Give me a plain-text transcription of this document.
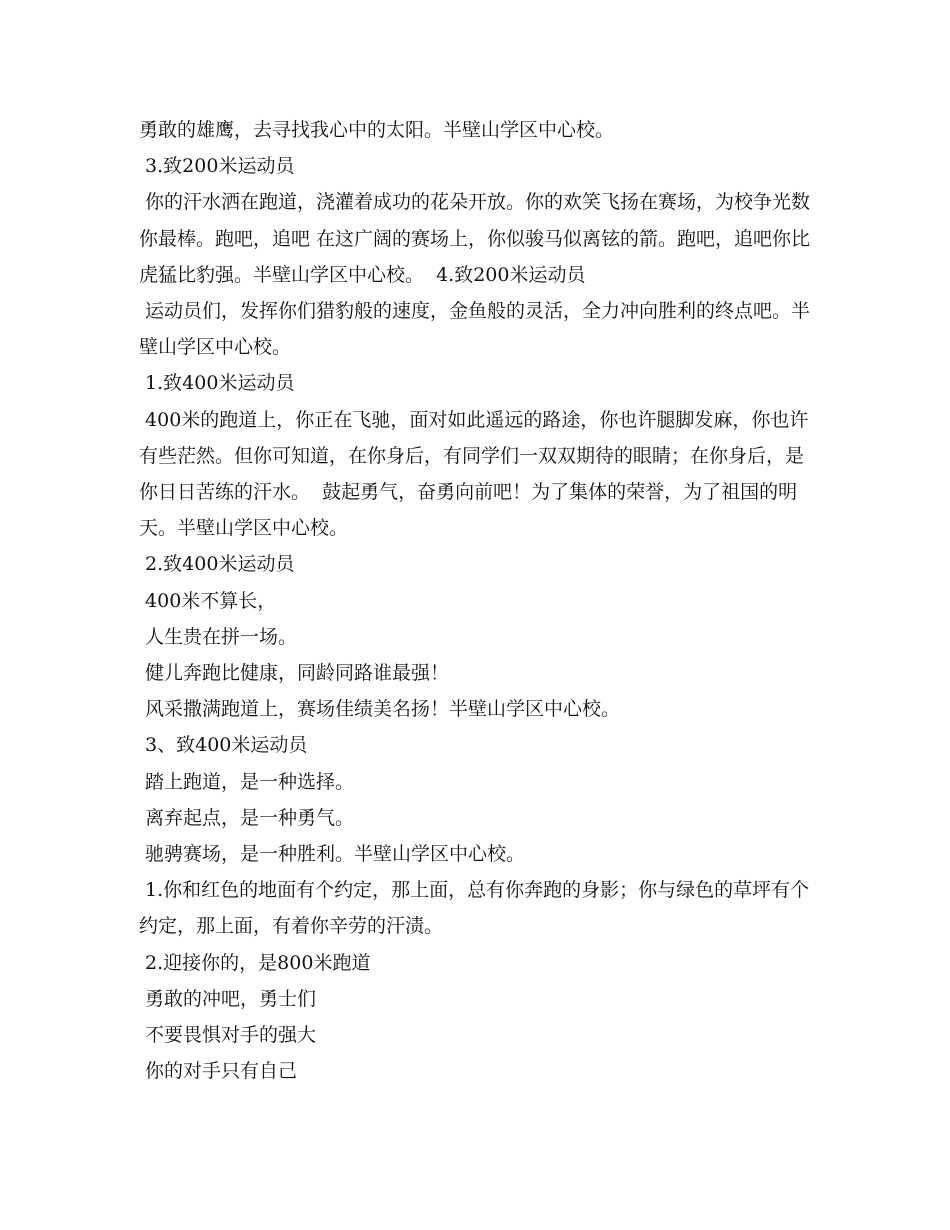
勇敢的雄鹰，去寻找我心中的太阳。半壁山学区中心校。

3.致200米运动员

你的汗水洒在跑道，浇灌着成功的花朵开放。你的欢笑飞扬在赛场，为校争光数你最棒。跑吧，追吧 在这广阔的赛场上，你似骏马似离铉的箭。跑吧，追吧你比虎猛比豹强。半壁山学区中心校。  4.致200米运动员

运动员们，发挥你们猎豹般的速度，金鱼般的灵活，全力冲向胜利的终点吧。半壁山学区中心校。

1.致400米运动员

400米的跑道上，你正在飞驰，面对如此遥远的路途，你也许腿脚发麻，你也许有些茫然。但你可知道，在你身后，有同学们一双双期待的眼睛；在你身后，是你日日苦练的汗水。  鼓起勇气，奋勇向前吧！为了集体的荣誉，为了祖国的明天。半壁山学区中心校。

2.致400米运动员

400米不算长，

人生贵在拼一场。

健儿奔跑比健康，同龄同路谁最强！

风采撒满跑道上，赛场佳绩美名扬！半壁山学区中心校。

3、致400米运动员

踏上跑道，是一种选择。

离弃起点，是一种勇气。

驰骋赛场，是一种胜利。半壁山学区中心校。

1.你和红色的地面有个约定，那上面，总有你奔跑的身影；你与绿色的草坪有个约定，那上面，有着你辛劳的汗渍。

2.迎接你的，是800米跑道

勇敢的冲吧，勇士们

不要畏惧对手的强大

你的对手只有自己
